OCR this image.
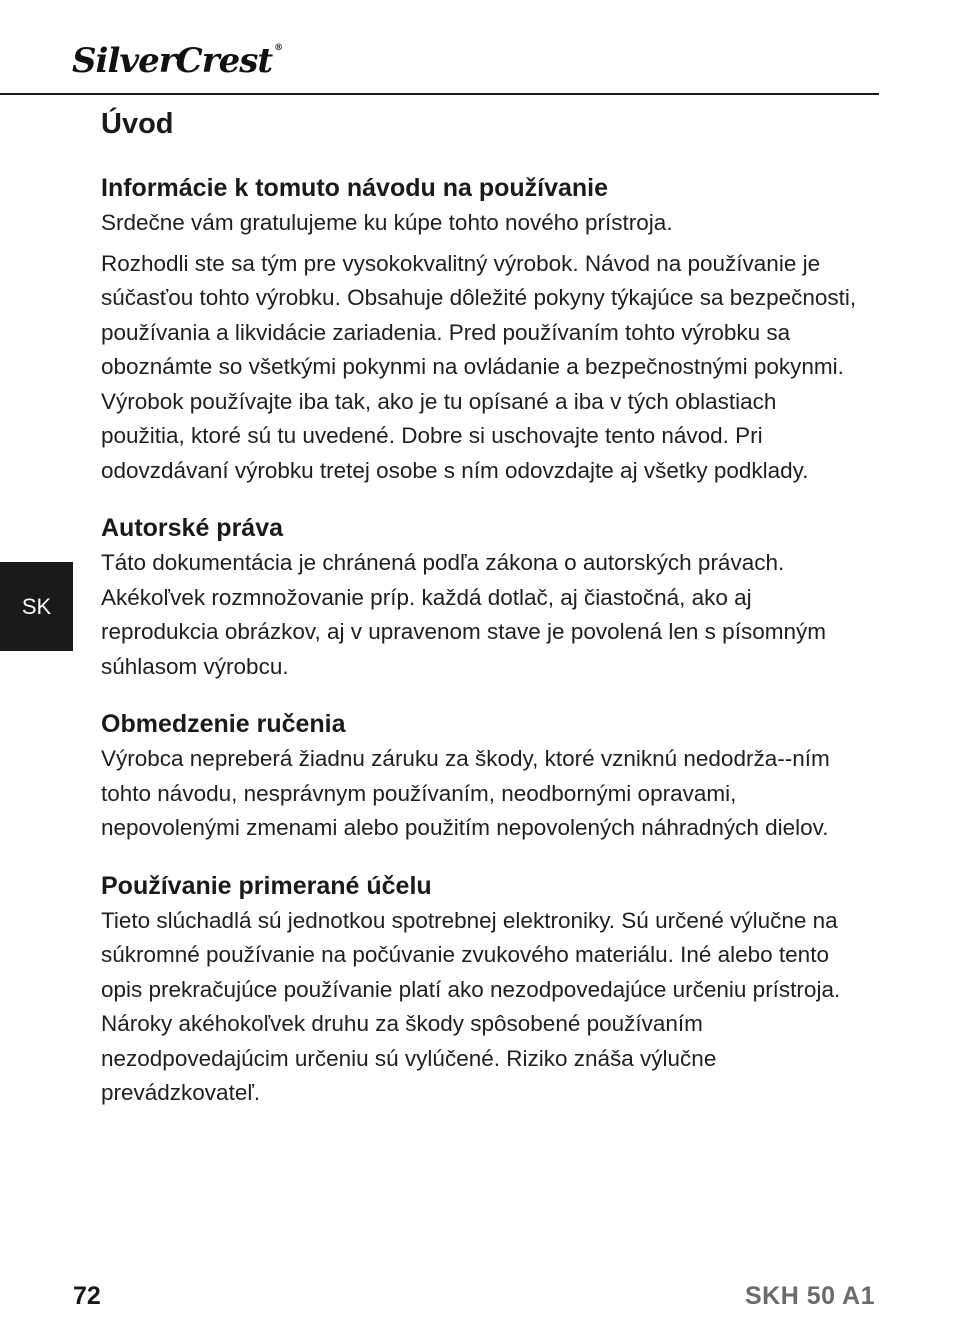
SilverCrest ®
SK
Úvod
Informácie k tomuto návodu na používanie

Srdečne vám gratulujeme ku kúpe tohto nového prístroja.

Rozhodli ste sa tým pre vysokokvalitný výrobok. Návod na používanie je súčasťou tohto výrobku. Obsahuje dôležité pokyny týkajúce sa bezpečnosti, používania a likvidácie zariadenia. Pred používaním tohto výrobku sa oboznámte so všetkými pokynmi na ovládanie a bezpečnostnými pokynmi. Výrobok používajte iba tak, ako je tu opísané a iba v tých oblastiach použitia, ktoré sú tu uvedené. Dobre si uschovajte tento návod. Pri odovzdávaní výrobku tretej osobe s ním odovzdajte aj všetky podklady.

Autorské práva

Táto dokumentácia je chránená podľa zákona o autorských právach. Akékoľvek rozmnožovanie príp. každá dotlač, aj čiastočná, ako aj reprodukcia obrázkov, aj v upravenom stave je povolená len s písomným súhlasom výrobcu.

Obmedzenie ručenia

Výrobca nepreberá žiadnu záruku za škody, ktoré vzniknú nedodrža--ním tohto návodu, nesprávnym používaním, neodbornými opravami, nepovolenými zmenami alebo použitím nepovolených náhradných dielov.

Používanie primerané účelu

Tieto slúchadlá sú jednotkou spotrebnej elektroniky. Sú určené výlučne na súkromné používanie na počúvanie zvukového materiálu. Iné alebo tento opis prekračujúce používanie platí ako nezodpovedajúce určeniu prístroja. Nároky akéhokoľvek druhu za škody spôsobené používaním nezodpovedajúcim určeniu sú vylúčené. Riziko znáša výlučne prevádzkovateľ.

72	SKH 50 A1
